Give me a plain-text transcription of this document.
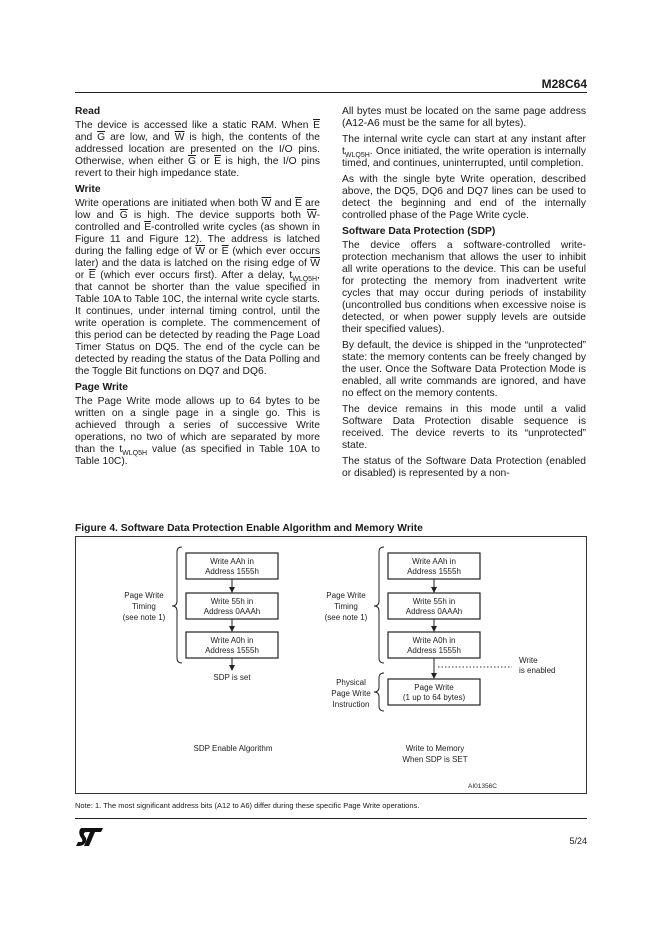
M28C64
Read

The device is accessed like a static RAM. When $\overline{E}$ and $\overline{G}$ are low, and $\overline{W}$ is high, the contents of the addressed location are presented on the I/O pins. Otherwise, when either $\overline{G}$ or $\overline{E}$ is high, the I/O pins revert to their high impedance state.

Write

Write operations are initiated when both $\overline{W}$ and $\overline{E}$ are low and $\overline{G}$ is high. The device supports both $\overline{W}$-controlled and $\overline{E}$-controlled write cycles (as shown in Figure 11 and Figure 12). The address is latched during the falling edge of $\overline{W}$ or $\overline{E}$ (which ever occurs later) and the data is latched on the rising edge of $\overline{W}$ or $\overline{E}$ (which ever occurs first). After a delay, $t_{WLQ5H}$, that cannot be shorter than the value specified in Table 10A to Table 10C, the internal write cycle starts. It continues, under internal timing control, until the write operation is complete. The commencement of this period can be detected by reading the Page Load Timer Status on DQ5. The end of the cycle can be detected by reading the status of the Data Polling and the Toggle Bit functions on DQ7 and DQ6.

Page Write

The Page Write mode allows up to 64 bytes to be written on a single page in a single go. This is achieved through a series of successive Write operations, no two of which are separated by more than the $t_{WLQ5H}$ value (as specified in Table 10A to Table 10C).

All bytes must be located on the same page address (A12-A6 must be the same for all bytes).

The internal write cycle can start at any instant after $t_{WLQ5H}$. Once initiated, the write operation is internally timed, and continues, uninterrupted, until completion.

As with the single byte Write operation, described above, the DQ5, DQ6 and DQ7 lines can be used to detect the beginning and end of the internally controlled phase of the Page Write cycle.

Software Data Protection (SDP)

The device offers a software-controlled write-protection mechanism that allows the user to inhibit all write operations to the device. This can be useful for protecting the memory from inadvertent write cycles that may occur during periods of instability (uncontrolled bus conditions when excessive noise is detected, or when power supply levels are outside their specified values).

By default, the device is shipped in the “unprotected” state: the memory contents can be freely changed by the user. Once the Software Data Protection Mode is enabled, all write commands are ignored, and have no effect on the memory contents.

The device remains in this mode until a valid Software Data Protection disable sequence is received. The device reverts to its “unprotected” state.

The status of the Software Data Protection (enabled or disabled) is represented by a non-

Figure 4. Software Data Protection Enable Algorithm and Memory Write
Write AAh in
Address 1555h
Write 55h in
Address 0AAAh
Write A0h in
Address 1555h
SDP is set
Page Write
Timing
(see note 1)
Write AAh in
Address 1555h
Write 55h in
Address 0AAAh
Write A0h in
Address 1555h
Page Write
(1 up to 64 bytes)
Page Write
Timing
(see note 1)
Physical
Page Write
Instruction
Write
is enabled
SDP Enable Algorithm	Write to Memory
When SDP is SET
AI01356C
Note: 1. The most significant address bits (A12 to A6) differ during these specific Page Write operations.
5/24
